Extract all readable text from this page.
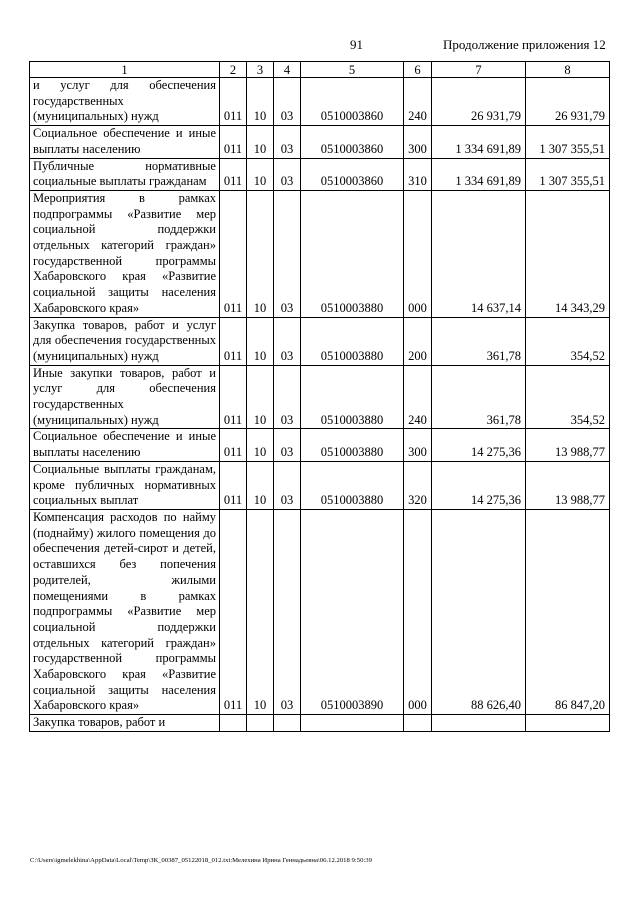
91	Продолжение приложения 12
1	2	3	4	5	6	7	8
и услуг для обеспечения государственных (муниципальных) нужд	011	10	03	0510003860	240	26 931,79	26 931,79
Социальное обеспечение и иные выплаты населению	011	10	03	0510003860	300	1 334 691,89	1 307 355,51
Публичные нормативные социальные выплаты гражданам	011	10	03	0510003860	310	1 334 691,89	1 307 355,51
Мероприятия в рамках подпрограммы «Развитие мер социальной поддержки отдельных категорий граждан» государственной программы Хабаровского края «Развитие социальной защиты населения Хабаровского края»	011	10	03	0510003880	000	14 637,14	14 343,29
Закупка товаров, работ и услуг для обеспечения государственных (муниципальных) нужд	011	10	03	0510003880	200	361,78	354,52
Иные закупки товаров, работ и услуг для обеспечения государственных (муниципальных) нужд	011	10	03	0510003880	240	361,78	354,52
Социальное обеспечение и иные выплаты населению	011	10	03	0510003880	300	14 275,36	13 988,77
Социальные выплаты гражданам, кроме публичных нормативных социальных выплат	011	10	03	0510003880	320	14 275,36	13 988,77
Компенсация расходов по найму (поднайму) жилого помещения до обеспечения детей-сирот и детей, оставшихся без попечения родителей, жилыми помещениями в рамках подпрограммы «Развитие мер социальной поддержки отдельных категорий граждан» государственной программы Хабаровского края «Развитие социальной защиты населения Хабаровского края»	011	10	03	0510003890	000	88 626,40	86 847,20
Закупка товаров, работ и							
C:\Users\igmelekhina\AppData\Local\Temp\ЗК_00387_05122018_012.txt:Мелехина Ирина Геннадьевна\06.12.2018 9:50:39
